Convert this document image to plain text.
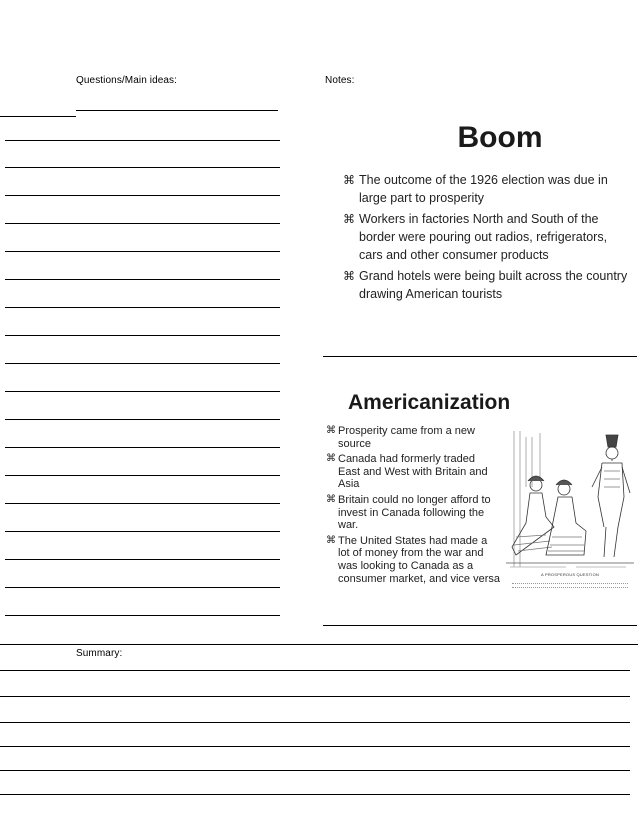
Questions/Main ideas:	Notes:
Boom
⌘ The outcome of the 1926 election was due in large part to prosperity
⌘ Workers in factories North and South of the border were pouring out radios, refrigerators, cars and other consumer products
⌘ Grand hotels were being built across the country drawing American tourists
Americanization
⌘ Prosperity came from a new source
⌘ Canada had formerly traded East and West with Britain and Asia
⌘ Britain could no longer afford to invest in Canada following the war.
⌘ The United States had made a lot of money from the war and was looking to Canada as a consumer market, and vice versa	A PROSPEROUS QUESTION
Summary:
